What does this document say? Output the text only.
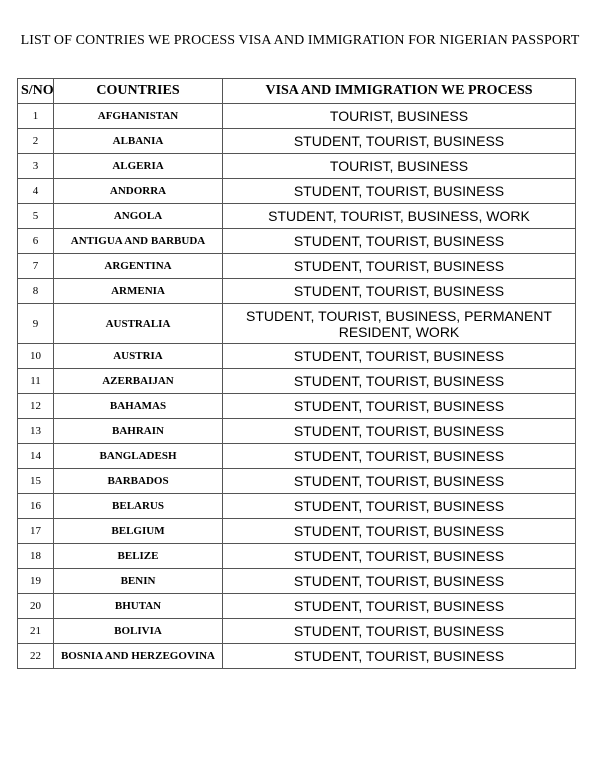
LIST OF CONTRIES WE PROCESS VISA AND IMMIGRATION FOR NIGERIAN PASSPORT
S/NO	COUNTRIES	VISA AND IMMIGRATION WE PROCESS
1	AFGHANISTAN	TOURIST, BUSINESS
2	ALBANIA	STUDENT, TOURIST, BUSINESS
3	ALGERIA	TOURIST, BUSINESS
4	ANDORRA	STUDENT, TOURIST, BUSINESS
5	ANGOLA	STUDENT, TOURIST, BUSINESS, WORK
6	ANTIGUA AND BARBUDA	STUDENT, TOURIST, BUSINESS
7	ARGENTINA	STUDENT, TOURIST, BUSINESS
8	ARMENIA	STUDENT, TOURIST, BUSINESS
9	AUSTRALIA	STUDENT, TOURIST, BUSINESS, PERMANENT RESIDENT, WORK
10	AUSTRIA	STUDENT, TOURIST, BUSINESS
11	AZERBAIJAN	STUDENT, TOURIST, BUSINESS
12	BAHAMAS	STUDENT, TOURIST, BUSINESS
13	BAHRAIN	STUDENT, TOURIST, BUSINESS
14	BANGLADESH	STUDENT, TOURIST, BUSINESS
15	BARBADOS	STUDENT, TOURIST, BUSINESS
16	BELARUS	STUDENT, TOURIST, BUSINESS
17	BELGIUM	STUDENT, TOURIST, BUSINESS
18	BELIZE	STUDENT, TOURIST, BUSINESS
19	BENIN	STUDENT, TOURIST, BUSINESS
20	BHUTAN	STUDENT, TOURIST, BUSINESS
21	BOLIVIA	STUDENT, TOURIST, BUSINESS
22	BOSNIA AND HERZEGOVINA	STUDENT, TOURIST, BUSINESS
